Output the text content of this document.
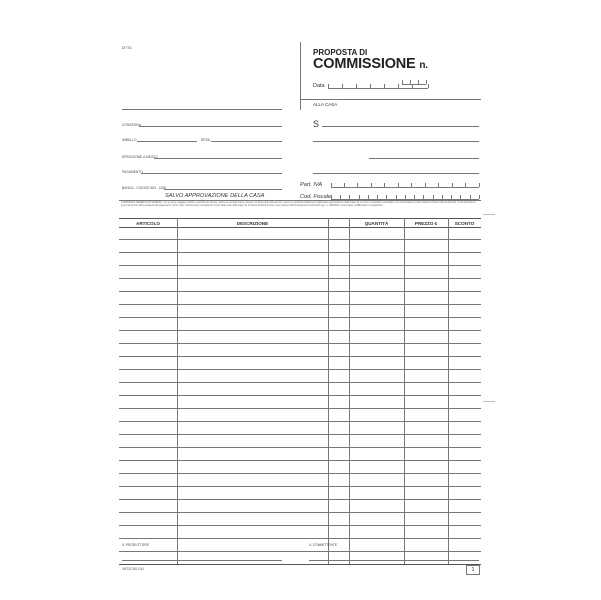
DITTA	PROPOSTA DI
COMMISSIONE n.
Data
ALLA CASA
CONSEGNA
IMBALLO	RESA
SPEDIZIONE A MEZZO
PAGAMENTO
BANCA - CODICE ABI - CAB
SALVO APPROVAZIONE DELLA CASA
S
Part. IVA
Cod. Fiscale
CONDIZIONI GENERALI DI VENDITA - 1) La merce viaggia a rischio e pericolo del Cliente, anche se venduta franco destino. 2) Sono patti espressi che i prezzi e condizioni fissati sono validi salvo approvazione della Casa. 3) Le merci si intendono accettate e non si accettano reclami trascorsi 8 giorni dal ricevimento. 4) Gli interessi di mora decorrono dalla scadenza del pagamento. 5) Per ogni controversia è competente il Foro della sede della Casa. 6) Il Cliente dichiara di aver preso visione dell'informativa ai sensi del D.Lgs. n. 196/2003 e successive modificazioni e integrazioni.
ARTICOLO	DESCRIZIONE	QUANTITÀ	PREZZO €	SCONTO
IL PRODUTTORE	IL COMMITTENTE
1672C00 DU	1
